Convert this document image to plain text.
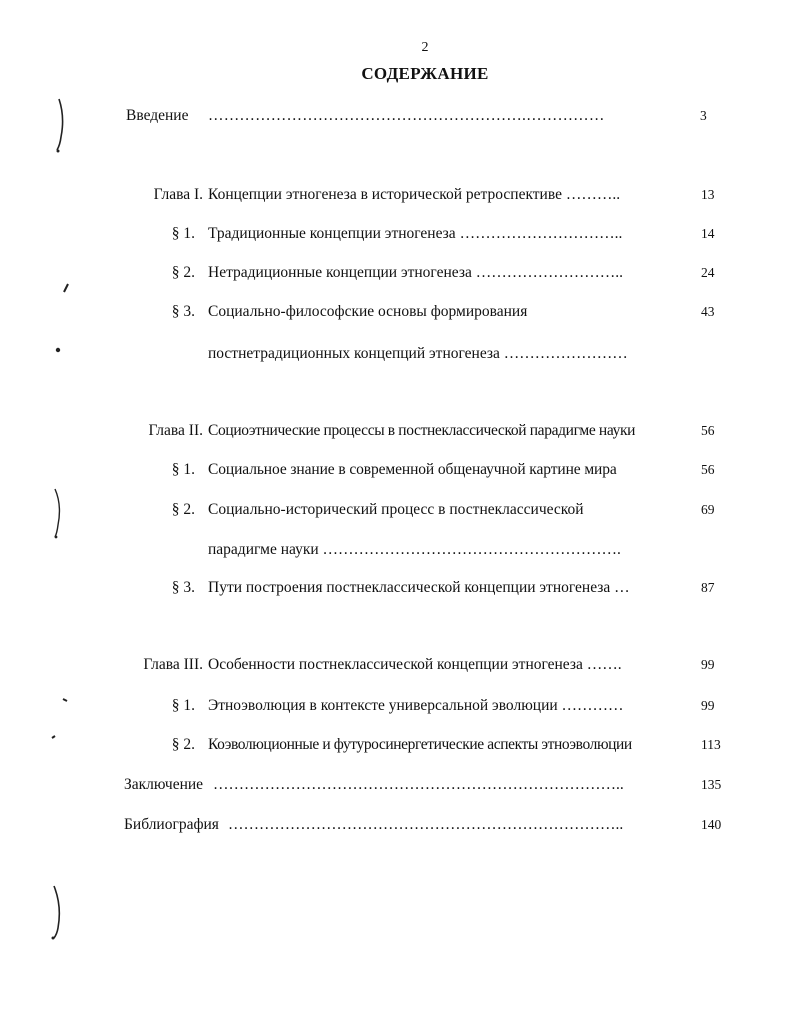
2
СОДЕРЖАНИЕ
Введение …………………………………………………….……………	3
Глава I. Концепции этногенеза в исторической ретроспективе ………..	13
§ 1. Традиционные концепции этногенеза …………………………..	14
§ 2. Нетрадиционные концепции этногенеза ………………………..	24
§ 3. Социально-философские основы формирования	43
постнетрадиционных концепций этногенеза ……………………
Глава II. Социоэтнические процессы в постнеклассической парадигме науки	56
§ 1. Социальное знание в современной общенаучной картине мира	56
§ 2. Социально-исторический процесс в постнеклассической	69
парадигме науки ………………………………………………….
§ 3. Пути построения постнеклассической концепции этногенеза …	87
Глава III. Особенности постнеклассической концепции этногенеза …….	99
§ 1. Этноэволюция в контексте универсальной эволюции …………	99
§ 2. Коэволюционные и футуросинергетические аспекты этноэволюции	113
Заключение ……………………………………………………………………..	135
Библиография …………………………………………………………………..	140
